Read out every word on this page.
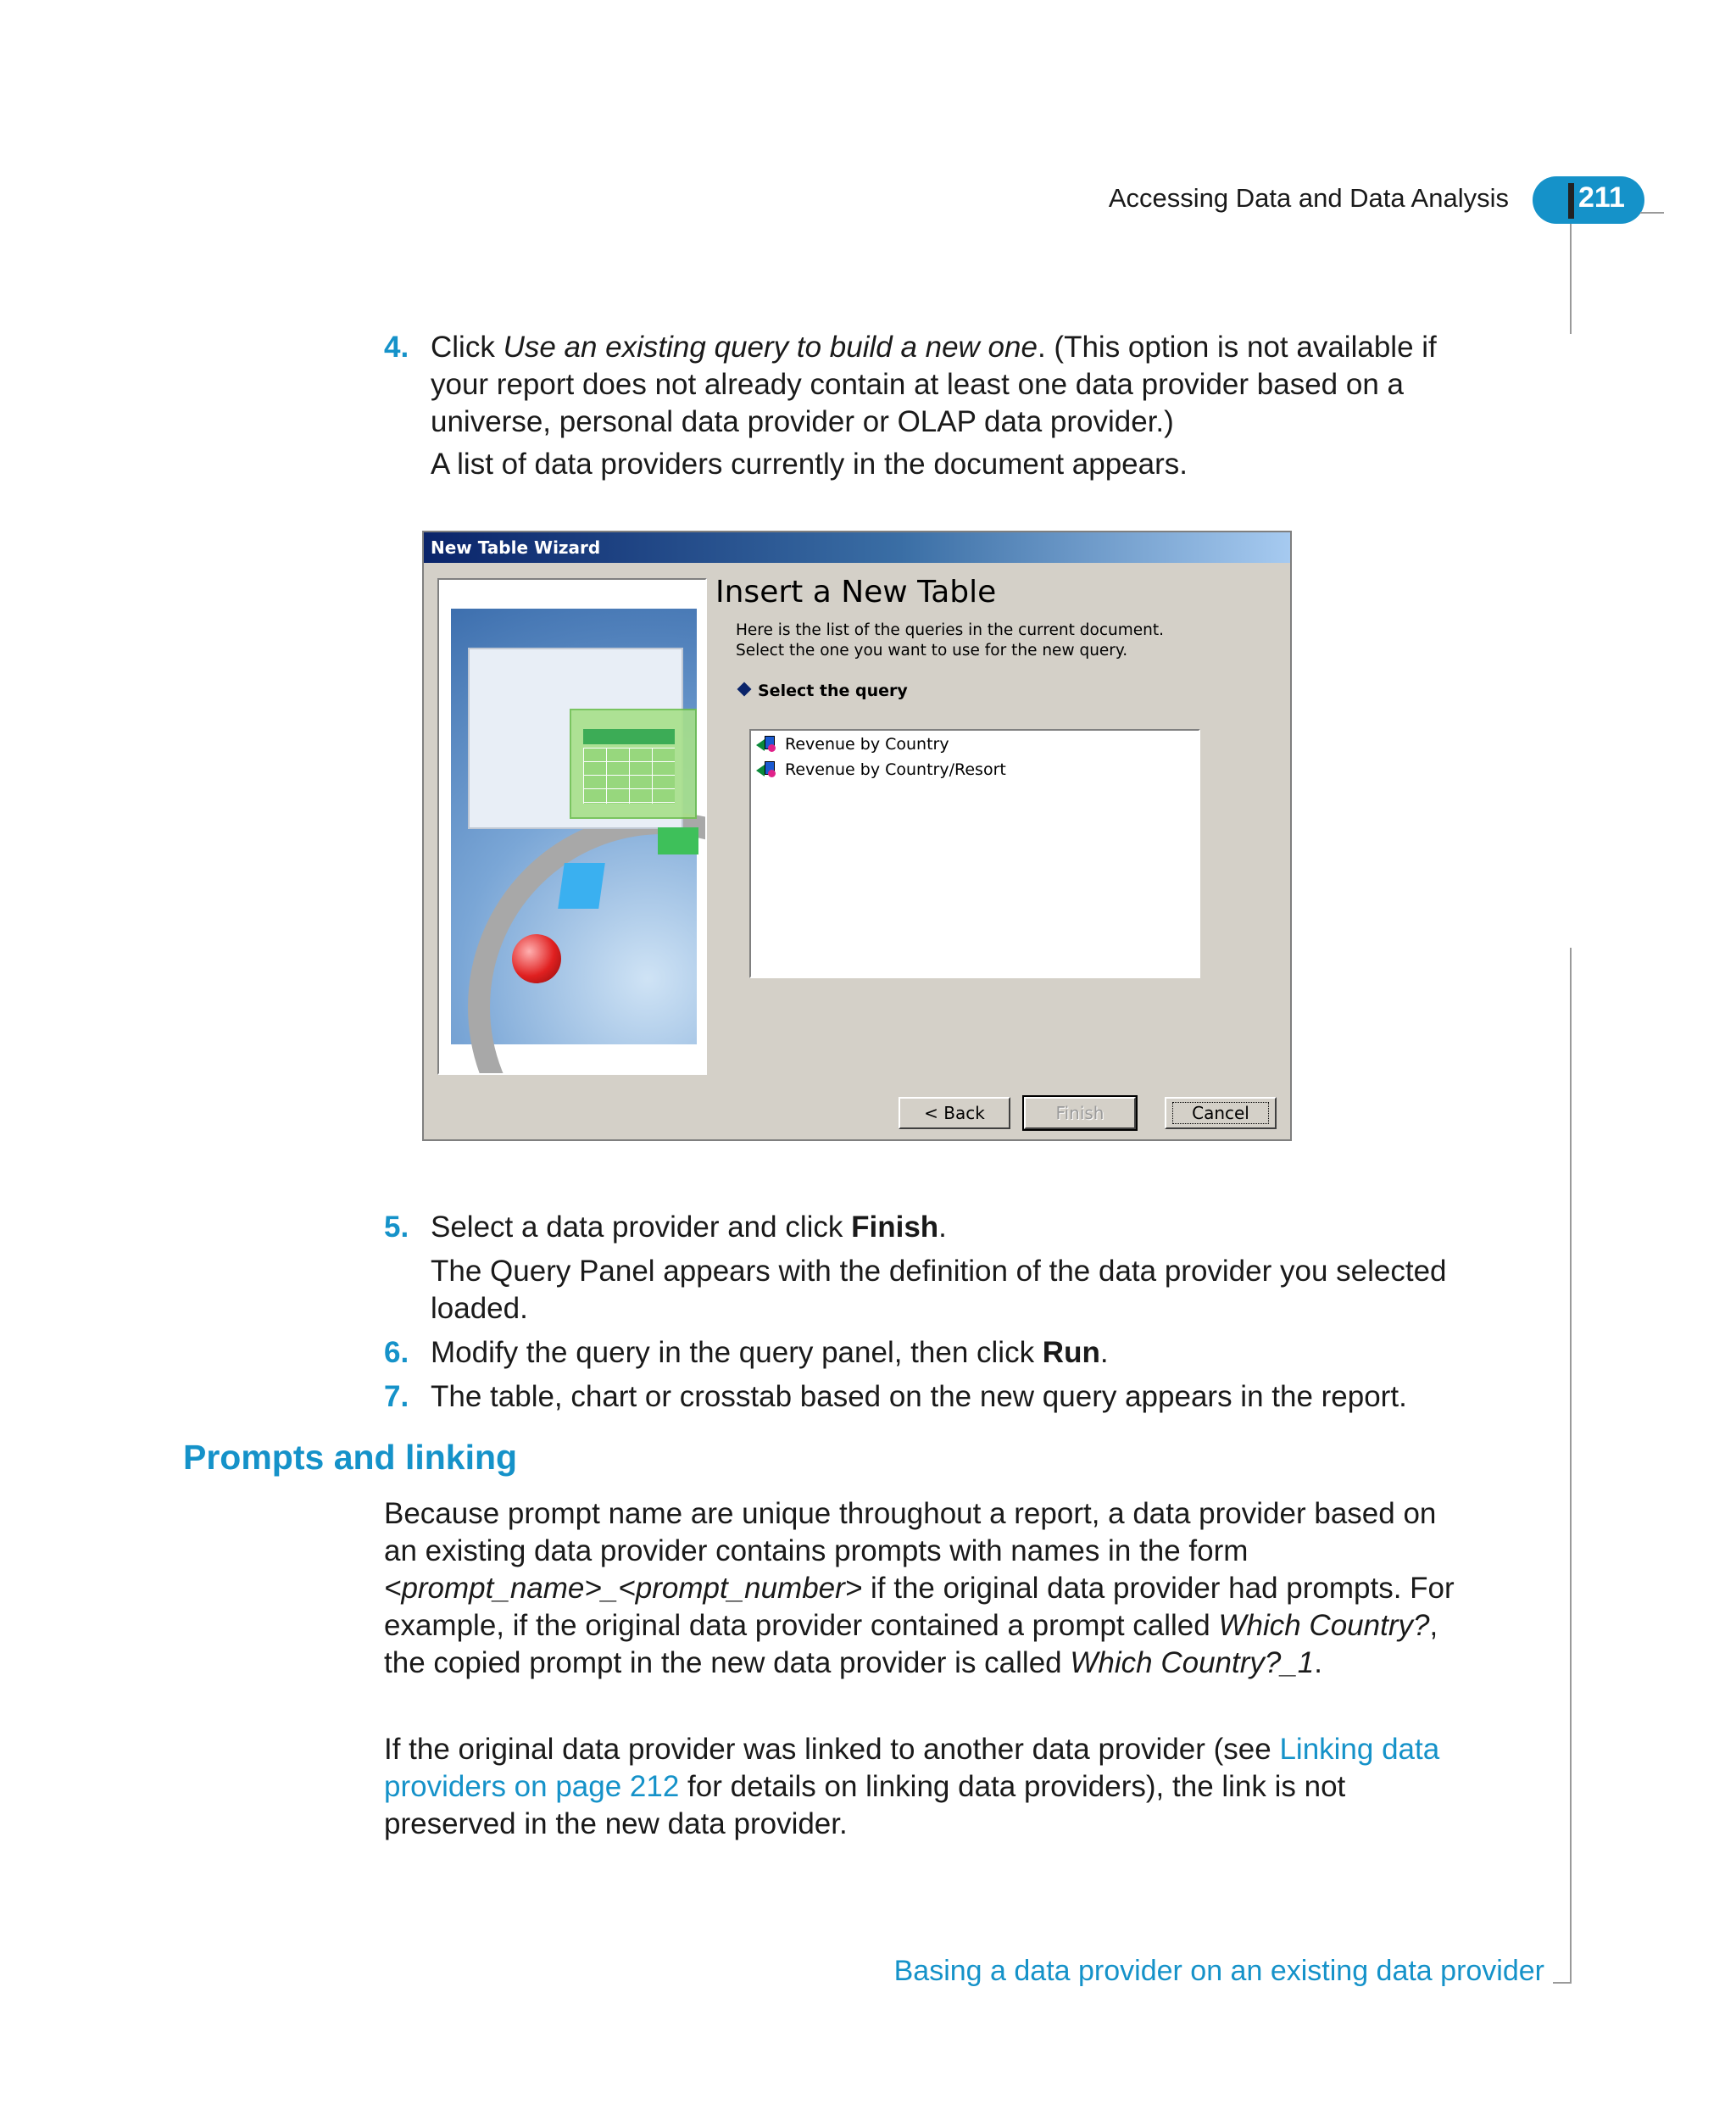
Accessing Data and Data Analysis 211
4. Click Use an existing query to build a new one. (This option is not available if your report does not already contain at least one data provider based on a universe, personal data provider or OLAP data provider.)
A list of data providers currently in the document appears.
New Table Wizard
Insert a New Table
Here is the list of the queries in the current document.
Select the one you want to use for the new query.
Select the query
Revenue by Country
Revenue by Country/Resort
< Back	Finish	Cancel
5. Select a data provider and click Finish.
The Query Panel appears with the definition of the data provider you selected loaded.
6. Modify the query in the query panel, then click Run.
7. The table, chart or crosstab based on the new query appears in the report.
Prompts and linking
Because prompt name are unique throughout a report, a data provider based on an existing data provider contains prompts with names in the form <prompt_name>_<prompt_number> if the original data provider had prompts. For example, if the original data provider contained a prompt called Which Country?, the copied prompt in the new data provider is called Which Country?_1.
If the original data provider was linked to another data provider (see Linking data providers on page 212 for details on linking data providers), the link is not preserved in the new data provider.
Basing a data provider on an existing data provider
